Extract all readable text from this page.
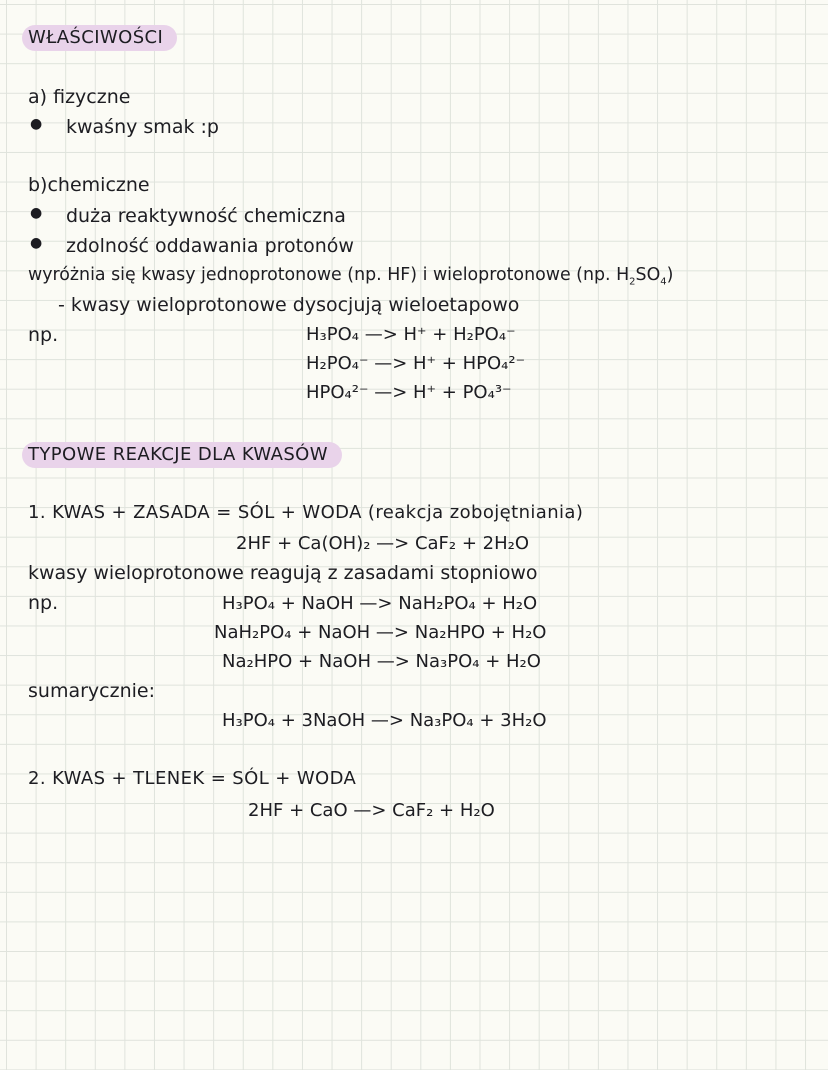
WŁAŚCIWOŚCI
a) fizyczne
● kwaśny smak :p
b)chemiczne
● duża reaktywność chemiczna
● zdolność oddawania protonów
wyróżnia się kwasy jednoprotonowe (np. HF) i wieloprotonowe (np. $H_2SO_4$)
- kwasy wieloprotonowe dysocjują wieloetapowo
np.	H₃PO₄ —> H⁺ + H₂PO₄⁻
H₂PO₄⁻ —> H⁺ + HPO₄²⁻
HPO₄²⁻ —> H⁺ + PO₄³⁻
TYPOWE REAKCJE DLA KWASÓW
1. KWAS + ZASADA = SÓL + WODA (reakcja zobojętniania)
2HF + Ca(OH)₂ —> CaF₂ + 2H₂O
kwasy wieloprotonowe reagują z zasadami stopniowo
np.	H₃PO₄ + NaOH —> NaH₂PO₄ + H₂O
NaH₂PO₄ + NaOH —> Na₂HPO + H₂O
Na₂HPO + NaOH —> Na₃PO₄ + H₂O
sumarycznie:
H₃PO₄ + 3NaOH —> Na₃PO₄ + 3H₂O
2. KWAS + TLENEK = SÓL + WODA
2HF + CaO —> CaF₂ + H₂O
